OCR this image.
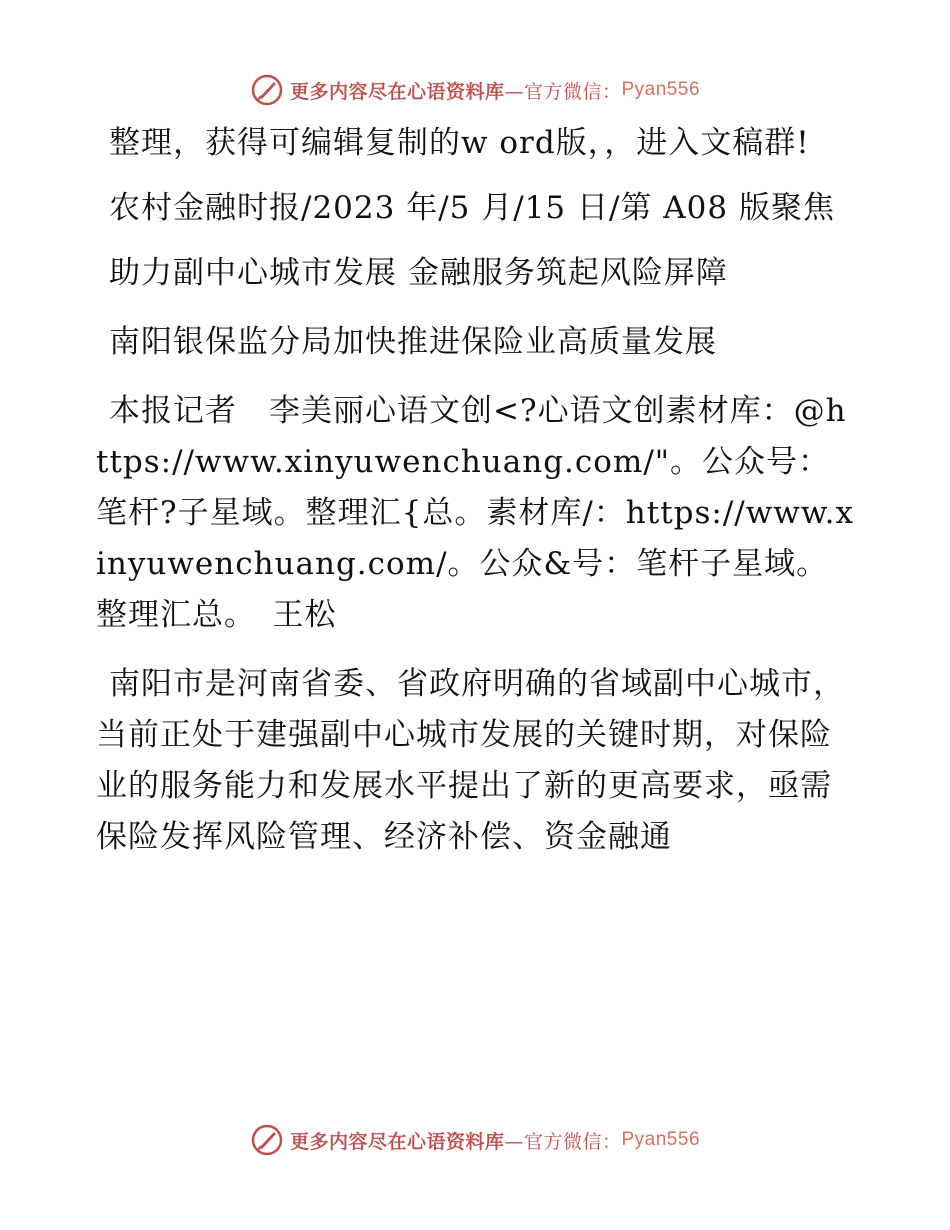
更多内容尽在心语资料库 —官方微信： Pyan556

整理，获得可编辑复制的w ord版，，进入文稿群!

农村金融时报/2023 年/5 月/15 日/第 A08 版聚焦

助力副中心城市发展 金融服务筑起风险屏障

南阳银保监分局加快推进保险业高质量发展

本报记者　李美丽心语文创<?心语文创素材库：@https://www.xinyuwenchuang.com/"。公众号：笔杆?子星域。整理汇{总。素材库/：https://www.xinyuwenchuang.com/。公众&号：笔杆子星域。整理汇总。　王松

南阳市是河南省委、省政府明确的省域副中心城市，当前正处于建强副中心城市发展的关键时期，对保险业的服务能力和发展水平提出了新的更高要求，亟需保险发挥风险管理、经济补偿、资金融通

更多内容尽在心语资料库 —官方微信： Pyan556
